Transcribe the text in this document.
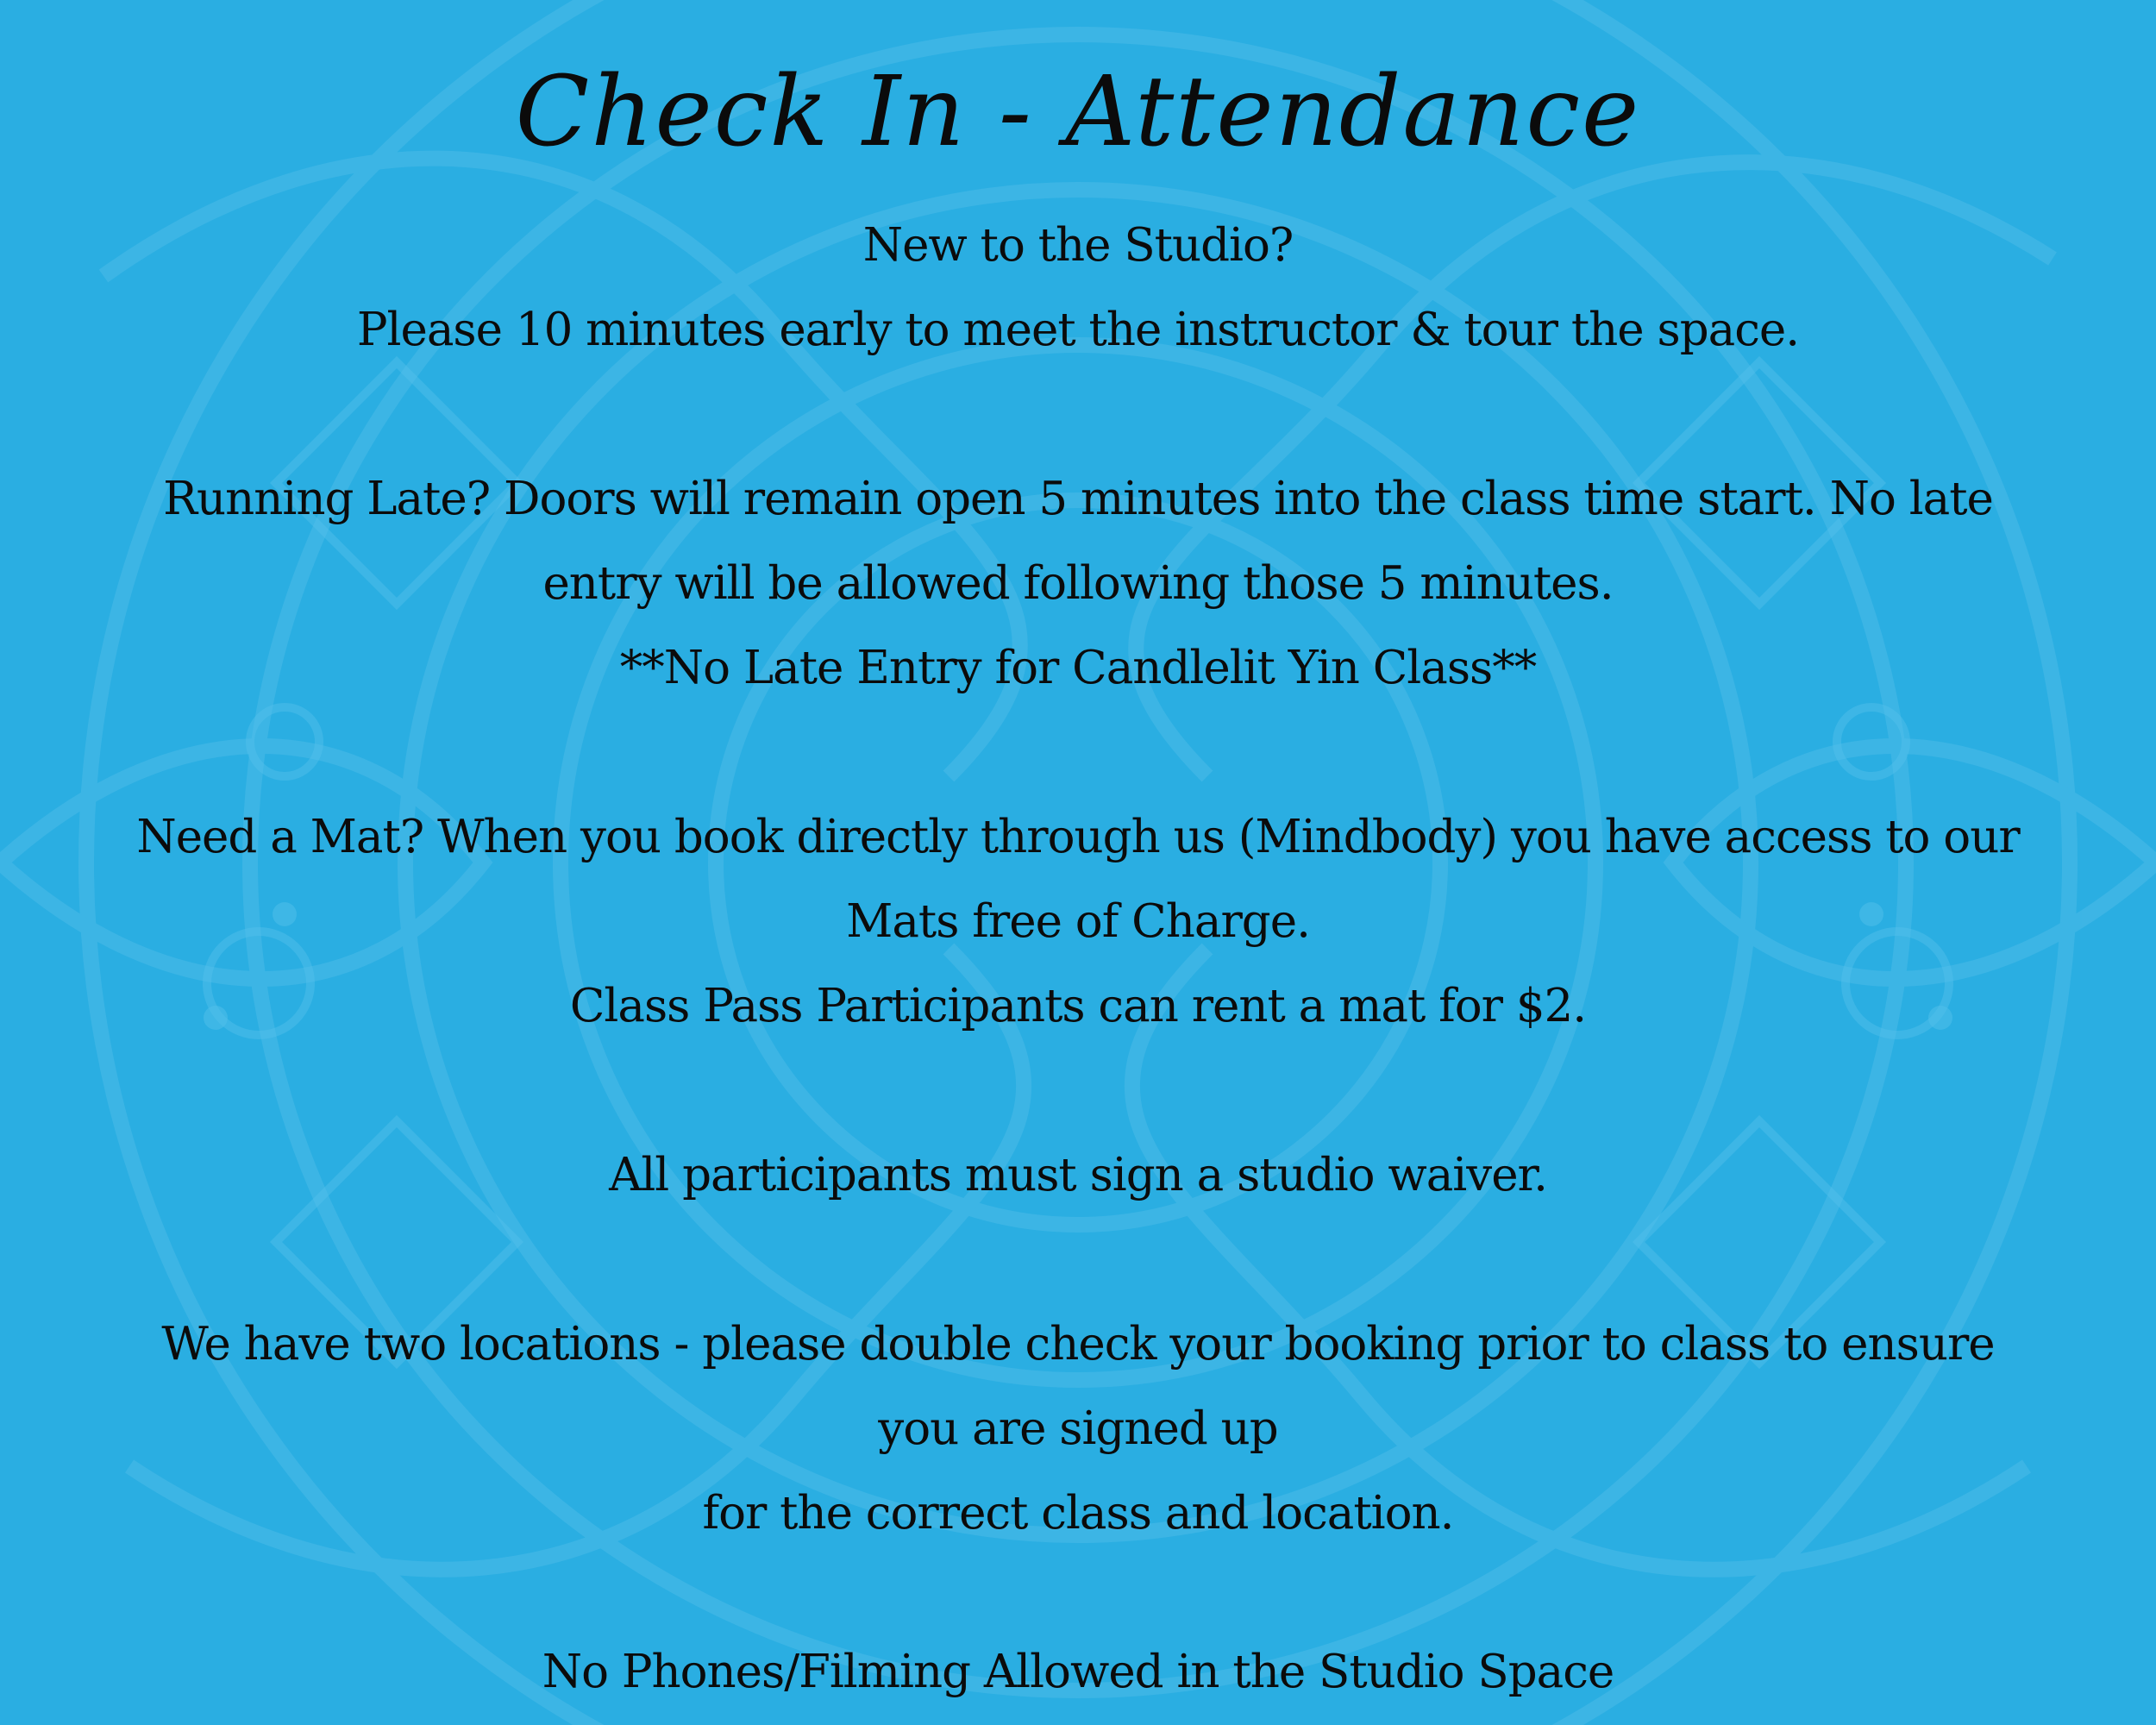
Check In - Attendance

New to the Studio?

Please 10 minutes early to meet the instructor & tour the space.

Running Late? Doors will remain open 5 minutes into the class time start. No late

entry will be allowed following those 5 minutes.

**No Late Entry for Candlelit Yin Class**

Need a Mat? When you book directly through us (Mindbody) you have access to our

Mats free of Charge.

Class Pass Participants can rent a mat for $2.

All participants must sign a studio waiver.

We have two locations - please double check your booking prior to class to ensure

you are signed up

for the correct class and location.

No Phones/Filming Allowed in the Studio Space
